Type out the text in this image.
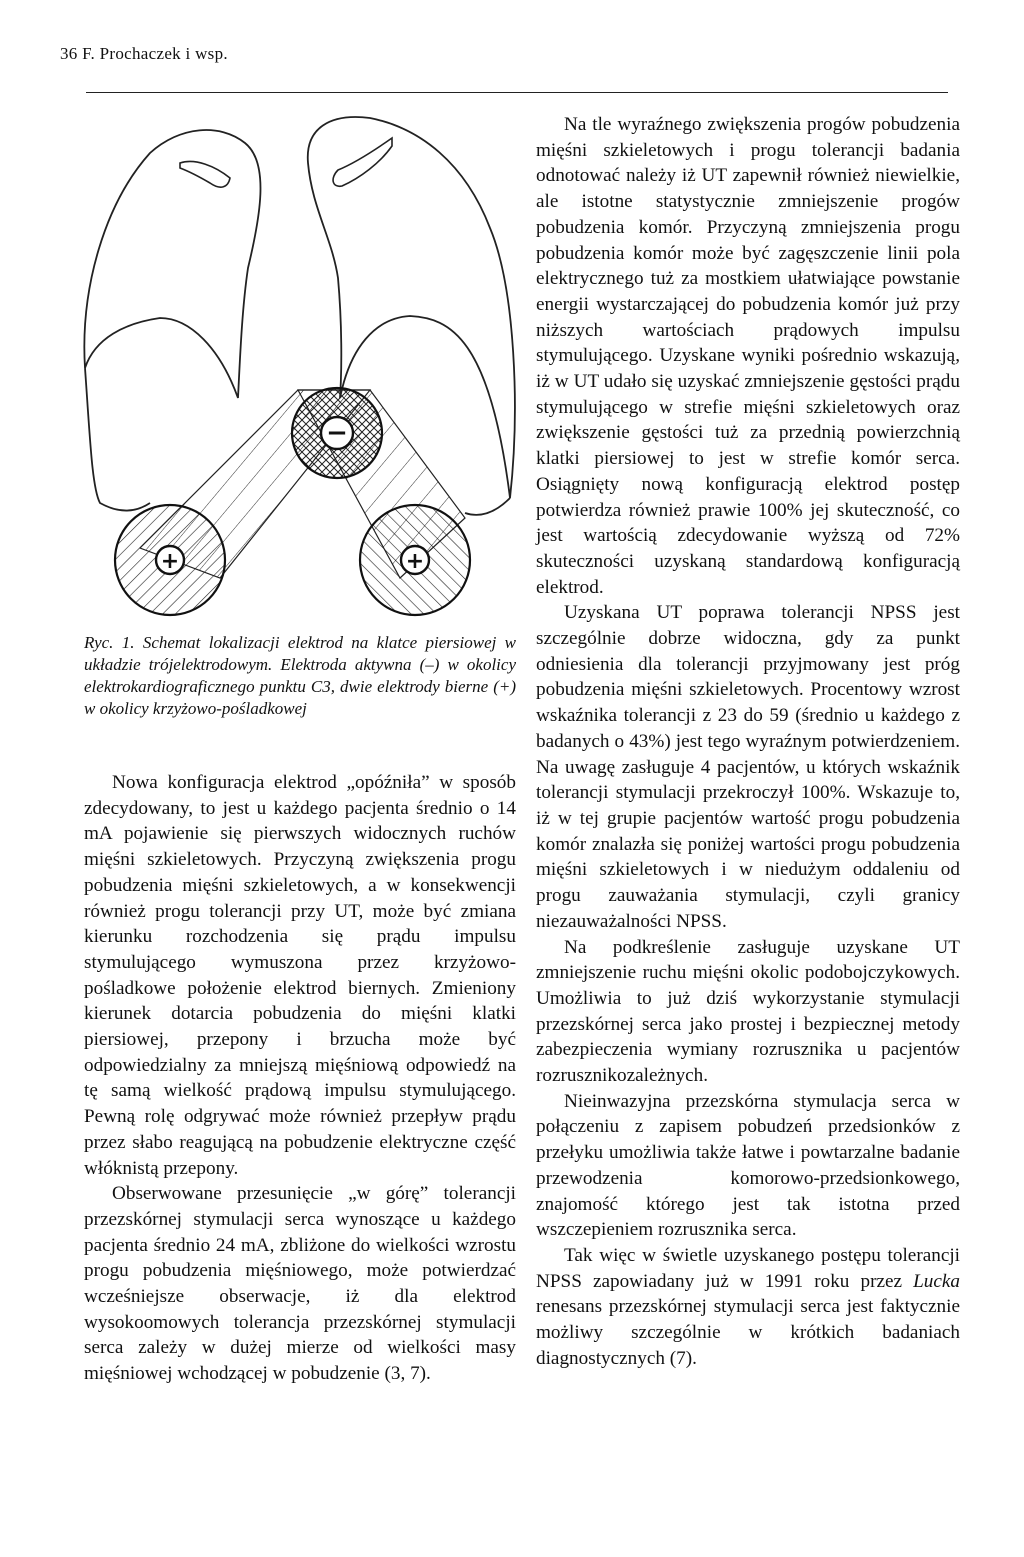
36 F. Prochaczek i wsp.
−
+	+
Ryc. 1. Schemat lokalizacji elektrod na klatce piersiowej w układzie trójelektrodowym. Elektroda aktywna (–) w okolicy elektrokardiograficznego punktu C3, dwie elektrody bierne (+) w okolicy krzyżowo-pośladkowej

Nowa konfiguracja elektrod „opóźniła” w sposób zdecydowany, to jest u każdego pacjenta średnio o 14 mA pojawienie się pierwszych widocznych ruchów mięśni szkieletowych. Przyczyną zwiększenia progu pobudzenia mięśni szkieletowych, a w konsekwencji również progu tolerancji przy UT, może być zmiana kierunku rozchodzenia się prądu impulsu stymulującego wymuszona przez krzyżowo-pośladkowe położenie elektrod biernych. Zmieniony kierunek dotarcia pobudzenia do mięśni klatki piersiowej, przepony i brzucha może być odpowiedzialny za mniejszą mięśniową odpowiedź na tę samą wielkość prądową impulsu stymulującego. Pewną rolę odgrywać może również przepływ prądu przez słabo reagującą na pobudzenie elektryczne część włóknistą przepony.

Obserwowane przesunięcie „w górę” tolerancji przezskórnej stymulacji serca wynoszące u każdego pacjenta średnio 24 mA, zbliżone do wielkości wzrostu progu pobudzenia mięśniowego, może potwierdzać wcześniejsze obserwacje, iż dla elektrod wysokoomowych tolerancja przezskórnej stymulacji serca zależy w dużej mierze od wielkości masy mięśniowej wchodzącej w pobudzenie (3, 7).

Na tle wyraźnego zwiększenia progów pobudzenia mięśni szkieletowych i progu tolerancji badania odnotować należy iż UT zapewnił również niewielkie, ale istotne statystycznie zmniejszenie progów pobudzenia komór. Przyczyną zmniejszenia progu pobudzenia komór może być zagęszczenie linii pola elektrycznego tuż za mostkiem ułatwiające powstanie energii wystarczającej do pobudzenia komór już przy niższych wartościach prądowych impulsu stymulującego. Uzyskane wyniki pośrednio wskazują, iż w UT udało się uzyskać zmniejszenie gęstości prądu stymulującego w strefie mięśni szkieletowych oraz zwiększenie gęstości tuż za przednią powierzchnią klatki piersiowej to jest w strefie komór serca. Osiągnięty nową konfiguracją elektrod postęp potwierdza również prawie 100% jej skuteczność, co jest wartością zdecydowanie wyższą od 72% skuteczności uzyskaną standardową konfiguracją elektrod.

Uzyskana UT poprawa tolerancji NPSS jest szczególnie dobrze widoczna, gdy za punkt odniesienia dla tolerancji przyjmowany jest próg pobudzenia mięśni szkieletowych. Procentowy wzrost wskaźnika tolerancji z 23 do 59 (średnio u każdego z badanych o 43%) jest tego wyraźnym potwierdzeniem. Na uwagę zasługuje 4 pacjentów, u których wskaźnik tolerancji stymulacji przekroczył 100%. Wskazuje to, iż w tej grupie pacjentów wartość progu pobudzenia komór znalazła się poniżej wartości progu pobudzenia mięśni szkieletowych i w niedużym oddaleniu od progu zauważania stymulacji, czyli granicy niezauważalności NPSS.

Na podkreślenie zasługuje uzyskane UT zmniejszenie ruchu mięśni okolic podobojczykowych. Umożliwia to już dziś wykorzystanie stymulacji przezskórnej serca jako prostej i bezpiecznej metody zabezpieczenia wymiany rozrusznika u pacjentów rozrusznikozależnych.

Nieinwazyjna przezskórna stymulacja serca w połączeniu z zapisem pobudzeń przedsionków z przełyku umożliwia także łatwe i powtarzalne badanie przewodzenia komorowo-przedsionkowego, znajomość którego jest tak istotna przed wszczepieniem rozrusznika serca.

Tak więc w świetle uzyskanego postępu tolerancji NPSS zapowiadany już w 1991 roku przez Lucka renesans przezskórnej stymulacji serca jest faktycznie możliwy szczególnie w krótkich badaniach diagnostycznych (7).
